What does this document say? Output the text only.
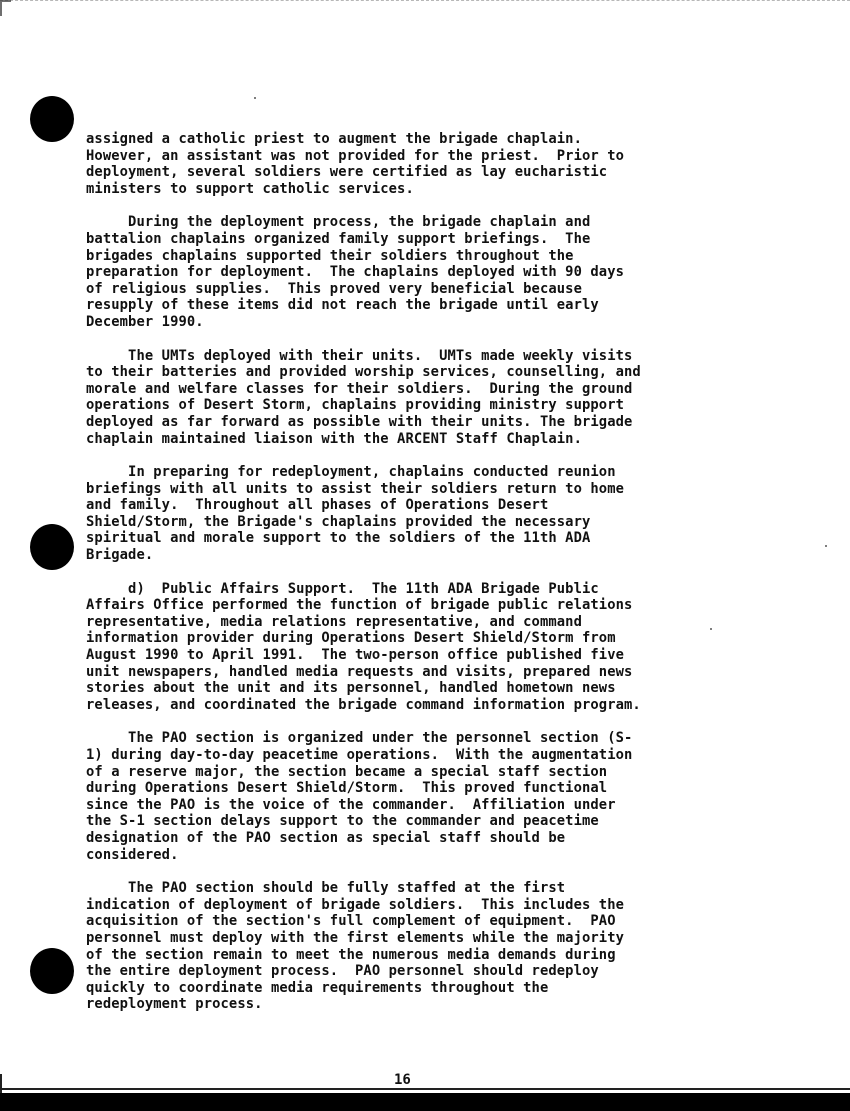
assigned a catholic priest to augment the brigade chaplain.
However, an assistant was not provided for the priest.  Prior to
deployment, several soldiers were certified as lay eucharistic
ministers to support catholic services.

During the deployment process, the brigade chaplain and
battalion chaplains organized family support briefings.  The
brigades chaplains supported their soldiers throughout the
preparation for deployment.  The chaplains deployed with 90 days
of religious supplies.  This proved very beneficial because
resupply of these items did not reach the brigade until early
December 1990.

The UMTs deployed with their units.  UMTs made weekly visits
to their batteries and provided worship services, counselling, and
morale and welfare classes for their soldiers.  During the ground
operations of Desert Storm, chaplains providing ministry support
deployed as far forward as possible with their units. The brigade
chaplain maintained liaison with the ARCENT Staff Chaplain.

In preparing for redeployment, chaplains conducted reunion
briefings with all units to assist their soldiers return to home
and family.  Throughout all phases of Operations Desert
Shield/Storm, the Brigade's chaplains provided the necessary
spiritual and morale support to the soldiers of the 11th ADA
Brigade.

d)  Public Affairs Support.  The 11th ADA Brigade Public
Affairs Office performed the function of brigade public relations
representative, media relations representative, and command
information provider during Operations Desert Shield/Storm from
August 1990 to April 1991.  The two-person office published five
unit newspapers, handled media requests and visits, prepared news
stories about the unit and its personnel, handled hometown news
releases, and coordinated the brigade command information program.

The PAO section is organized under the personnel section (S-
1) during day-to-day peacetime operations.  With the augmentation
of a reserve major, the section became a special staff section
during Operations Desert Shield/Storm.  This proved functional
since the PAO is the voice of the commander.  Affiliation under
the S-1 section delays support to the commander and peacetime
designation of the PAO section as special staff should be
considered.

The PAO section should be fully staffed at the first
indication of deployment of brigade soldiers.  This includes the
acquisition of the section's full complement of equipment.  PAO
personnel must deploy with the first elements while the majority
of the section remain to meet the numerous media demands during
the entire deployment process.  PAO personnel should redeploy
quickly to coordinate media requirements throughout the
redeployment process.

16
